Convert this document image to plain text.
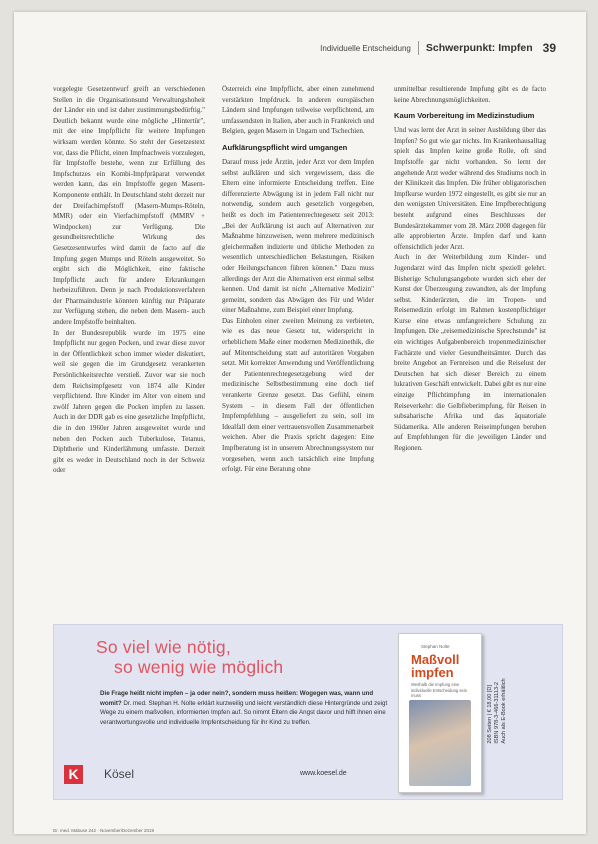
Individuelle Entscheidung Schwerpunkt: Impfen 39

vorgelegte Gesetzentwurf greift an verschiedenen Stellen in die Organisationsund Verwaltungshoheit der Länder ein und ist daher zustimmungsbedürftig." Deutlich bekannt wurde eine mögliche „Hintertür", mit der eine Impfpflicht für weitere Impfungen wirksam werden könnte. So steht der Gesetzestext vor, dass die Pflicht, einen Impfnachweis vorzulegen, für Impfstoffe bestehe, wenn zur Erfüllung des Impfschutzes ein Kombi-Impfpräparat verwendet werden kann, das ein Impfstoffe gegen Masern-Komponente enthält. In Deutschland steht derzeit nur der Dreifachimpfstoff (Masern-Mumps-Röteln, MMR) oder ein Vierfachimpfstoff (MMRV + Windpocken) zur Verfügung. Die gesundheitsrechtliche Wirkung des Gesetzesentwurfes wird damit de facto auf die Impfung gegen Mumps und Röteln ausgeweitet. So ergibt sich die Möglichkeit, eine faktische Impfpflicht auch für andere Erkrankungen herbeizuführen. Denn je nach Produktionsverfahren der Pharmaindustrie könnten künftig nur Präparate zur Verfügung stehen, die neben dem Masern- auch andere Impfstoffe beinhalten.

In der Bundesrepublik wurde im 1975 eine Impfpflicht nur gegen Pocken, und zwar diese zuvor in der Öffentlichkeit schon immer wieder diskutiert, weil sie gegen die im Grundgesetz verankerten Persönlichkeitsrechte verstieß. Zuvor war sie noch dem Reichsimpfgesetz von 1874 alle Kinder verpflichtend. Ihre Kinder im Alter von einem und zwölf Jahren gegen die Pocken impfen zu lassen. Auch in der DDR gab es eine gesetzliche Impfpflicht, die in den 1960er Jahren ausgeweitet wurde und neben den Pocken auch Tuberkulose, Tetanus, Diphtherie und Kinderlähmung umfasste. Derzeit gibt es weder in Deutschland noch in der Schweiz oder

Österreich eine Impfpflicht, aber einen zunehmend verstärkten Impfdruck. In anderen europäischen Ländern sind Impfungen teilweise verpflichtend, am umfassendsten in Italien, aber auch in Frankreich und Belgien, gegen Masern in Ungarn und Tschechien.

Aufklärungspflicht wird umgangen

Darauf muss jede Ärztin, jeder Arzt vor dem Impfen selbst aufklären und sich vergewissern, dass die Eltern eine informierte Entscheidung treffen. Eine differenzierte Abwägung ist in jedem Fall nicht nur notwendig, sondern auch gesetzlich vorgegeben, heißt es doch im Patientenrechtegesetz seit 2013: „Bei der Aufklärung ist auch auf Alternativen zur Maßnahme hinzuweisen, wenn mehrere medizinisch gleichermaßen indizierte und übliche Methoden zu wesentlich unterschiedlichen Belastungen, Risiken oder Heilungschancen führen können." Dazu muss allerdings der Arzt die Alternativen erst einmal selbst kennen. Und damit ist nicht „Alternative Medizin" gemeint, sondern das Abwägen des Für und Wider einer Maßnahme, zum Beispiel einer Impfung.

Das Einholen einer zweiten Meinung zu verbieten, wie es das neue Gesetz tut, widerspricht in erheblichem Maße einer modernen Medizinethik, die auf Mitentscheidung statt auf autoritären Vorgaben setzt. Mit korrekter Anwendung und Veröffentlichung der Patientenrechtegesetzgebung wird der medizinische Selbstbestimmung eine doch tief verankerte Grenze gesetzt. Das Gefühl, einem System – in diesem Fall der öffentlichen Impfempfehlung – ausgeliefert zu sein, soll im Idealfall dem einer vertrauensvollen Zusammenarbeit weichen. Aber die Praxis spricht dagegen: Eine Impfberatung ist in unserem Abrechnungssystem nur vorgesehen, wenn auch tatsächlich eine Impfung erfolgt. Für eine Beratung ohne

unmittelbar resultierende Impfung gibt es de facto keine Abrechnungsmöglichkeiten.

Kaum Vorbereitung im Medizinstudium

Und was lernt der Arzt in seiner Ausbildung über das Impfen? So gut wie gar nichts. Im Krankenhausalltag spielt das Impfen keine große Rolle, oft sind Impfstoffe gar nicht vorhanden. So lernt der angehende Arzt weder während des Studiums noch in der Klinikzeit das Impfen. Die früher obligatorischen Impfkurse wurden 1972 eingestellt, es gibt sie nur an den wenigsten Universitäten. Eine Impfberechtigung besteht aufgrund eines Beschlusses der Bundesärztekammer vom 28. März 2008 dagegen für alle approbierten Ärzte. Impfen darf und kann offensichtlich jeder Arzt.

Auch in der Weiterbildung zum Kinder- und Jugendarzt wird das Impfen nicht speziell gelehrt. Bisherige Schulungsangebote wurden sich eher der Kunst der Überzeugung zuwandten, als der Impfung selbst. Kinderärzten, die im Tropen- und Reisemedizin erfolgt im Rahmen kostenpflichtiger Kurse eine etwas umfangreichere Schulung zu Impfungen. Die „reisemedizinische Sprechstunde" ist ein wichtiges Aufgabenbereich tropenmedizinischer Fachärzte und vieler Gesundheitsämter. Durch das breite Angebot an Fernreisen und die Reiselust der Deutschen hat sich dieser Bereich zu einem lukrativen Geschäft entwickelt. Dabei gibt es nur eine einzige Pflichtimpfung im internationalen Reiseverkehr: die Gelbfieberimpfung, für Reisen in subsaharische Afrika und das äquatoriale Südamerika. Alle anderen Reiseimpfungen beruhen auf Empfehlungen für die jeweiligen Länder und Regionen.

So viel wie nötig,
so wenig wie möglich
Die Frage heißt nicht impfen – ja oder nein?, sondern muss heißen: Wogegen was, wann und womit? Dr. med. Stephan H. Nolte erklärt kurzweilig und leicht verständlich diese Hintergründe und zeigt Wege zu einem maßvollen, informierten Impfen auf. So nimmt Eltern die Angst davor und hilft ihnen eine verantwortungsvolle und individuelle Impfentscheidung für ihr Kind zu treffen.
K	Kösel	www.koesel.de
Stephan Nolte
Maßvoll
impfen
Weshalb die Impfung eine individuelle Entscheidung sein muss	208 Seiten | € 18,00 [D] ISBN 978-3-466-31113-2 Auch als E-Book erhältlich
Dr. med. Mabuse 242 · November/Dezember 2019
